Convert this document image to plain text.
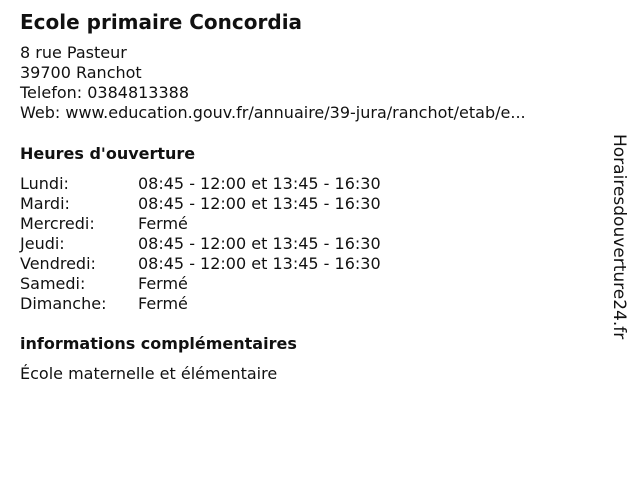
Ecole primaire Concordia
8 rue Pasteur
39700 Ranchot
Telefon: 0384813388
Web: www.education.gouv.fr/annuaire/39-jura/ranchot/etab/e...
Heures d'ouverture
Lundi:	08:45 - 12:00 et 13:45 - 16:30
Mardi:	08:45 - 12:00 et 13:45 - 16:30
Mercredi:	Fermé
Jeudi:	08:45 - 12:00 et 13:45 - 16:30
Vendredi:	08:45 - 12:00 et 13:45 - 16:30
Samedi:	Fermé
Dimanche:	Fermé
informations complémentaires
École maternelle et élémentaire
Horairesdouverture24.fr
